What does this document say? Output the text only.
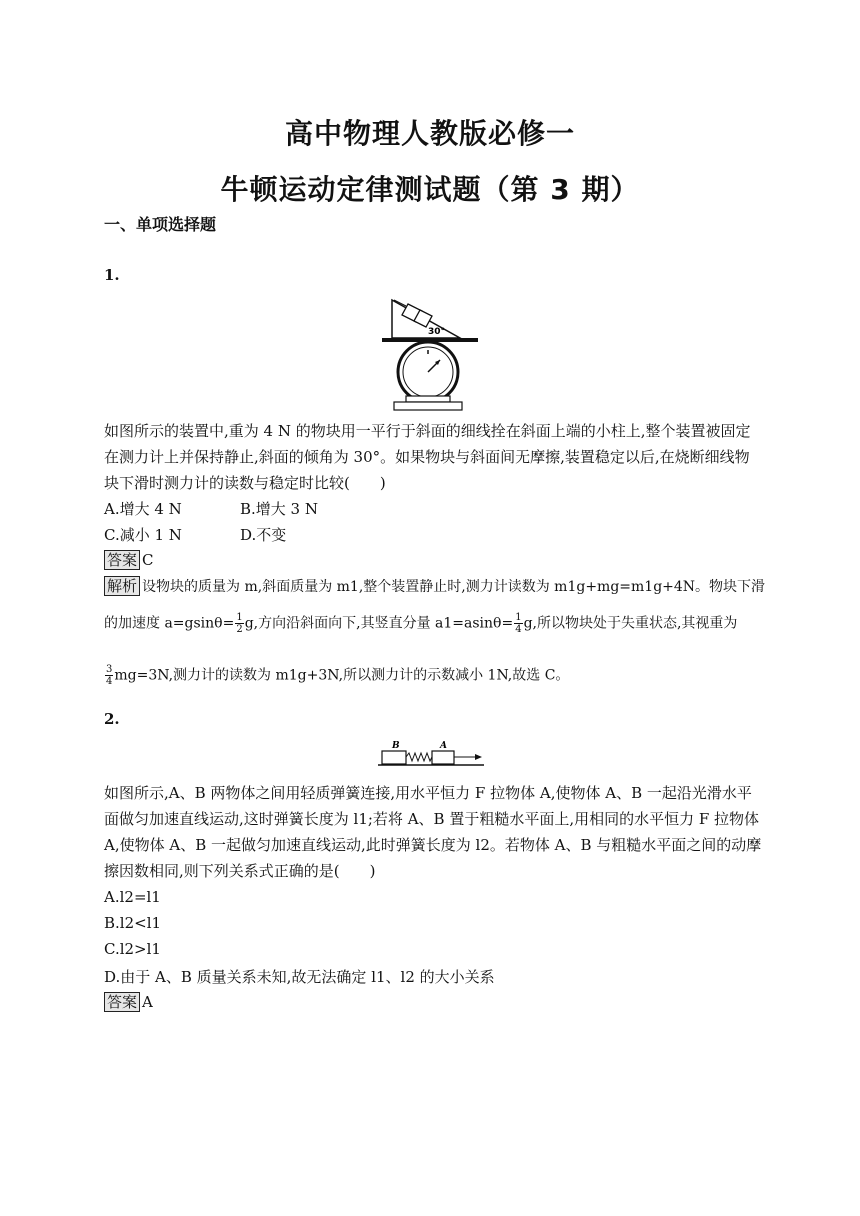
高中物理人教版必修一
牛顿运动定律测试题（第 3 期）
一、单项选择题
1.
30°
如图所示的装置中,重为 4 N 的物块用一平行于斜面的细线拴在斜面上端的小柱上,整个装置被固定在测力计上并保持静止,斜面的倾角为 30°。如果物块与斜面间无摩擦,装置稳定以后,在烧断细线物块下滑时测力计的读数与稳定时比较(　　)
A.增大 4 N	B.增大 3 N
C.减小 1 N	D.不变
答案 C
解析 设物块的质量为 m,斜面质量为 m1,整个装置静止时,测力计读数为 m1g+mg=m1g+4N。物块下滑
的加速度 $a=gsin\theta= \frac{1}{2} g$,方向沿斜面向下,其竖直分量 $a1=asin\theta= \frac{1}{4} g$,所以物块处于失重状态,其视重为
$\frac{3}{4} mg=3N$,测力计的读数为 m1g+3N,所以测力计的示数减小 1N,故选 C。
2.
B	A
如图所示,A、B 两物体之间用轻质弹簧连接,用水平恒力 F 拉物体 A,使物体 A、B 一起沿光滑水平面做匀加速直线运动,这时弹簧长度为 l1;若将 A、B 置于粗糙水平面上,用相同的水平恒力 F 拉物体 A,使物体 A、B 一起做匀加速直线运动,此时弹簧长度为 l2。若物体 A、B 与粗糙水平面之间的动摩擦因数相同,则下列关系式正确的是(　　)
A.l2=l1
B.l2<l1
C.l2>l1
D.由于 A、B 质量关系未知,故无法确定 l1、l2 的大小关系
答案 A
